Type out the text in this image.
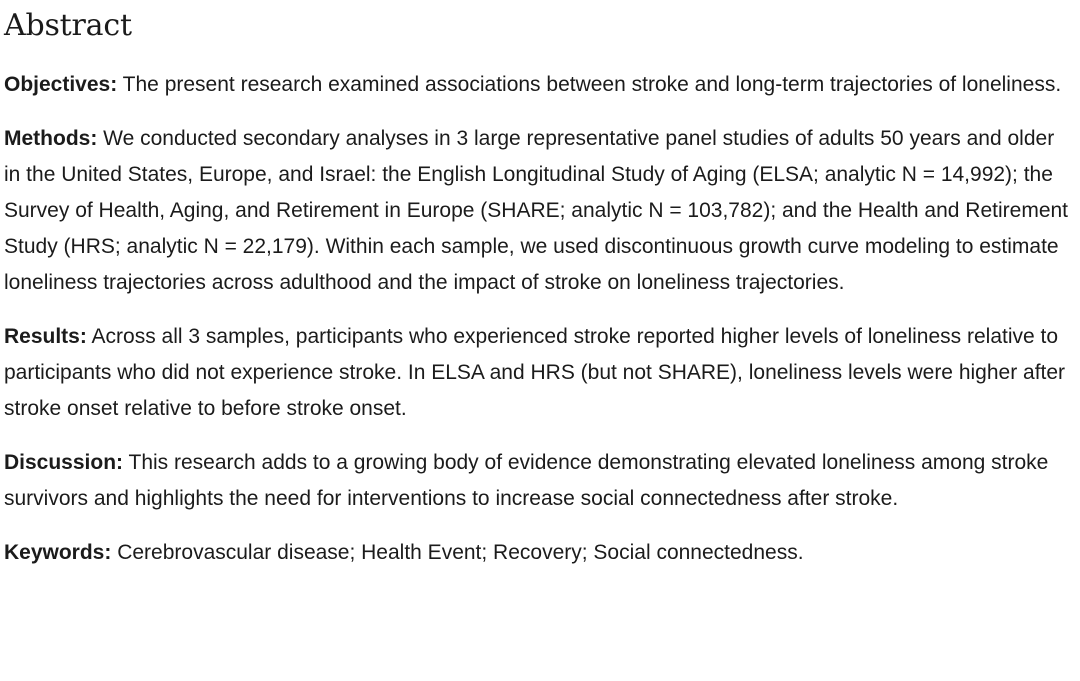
Abstract

Objectives: The present research examined associations between stroke and long-term trajectories of loneliness.

Methods: We conducted secondary analyses in 3 large representative panel studies of adults 50 years and older in the United States, Europe, and Israel: the English Longitudinal Study of Aging (ELSA; analytic N = 14,992); the Survey of Health, Aging, and Retirement in Europe (SHARE; analytic N = 103,782); and the Health and Retirement Study (HRS; analytic N = 22,179). Within each sample, we used discontinuous growth curve modeling to estimate loneliness trajectories across adulthood and the impact of stroke on loneliness trajectories.

Results: Across all 3 samples, participants who experienced stroke reported higher levels of loneliness relative to participants who did not experience stroke. In ELSA and HRS (but not SHARE), loneliness levels were higher after stroke onset relative to before stroke onset.

Discussion: This research adds to a growing body of evidence demonstrating elevated loneliness among stroke survivors and highlights the need for interventions to increase social connectedness after stroke.

Keywords: Cerebrovascular disease; Health Event; Recovery; Social connectedness.
